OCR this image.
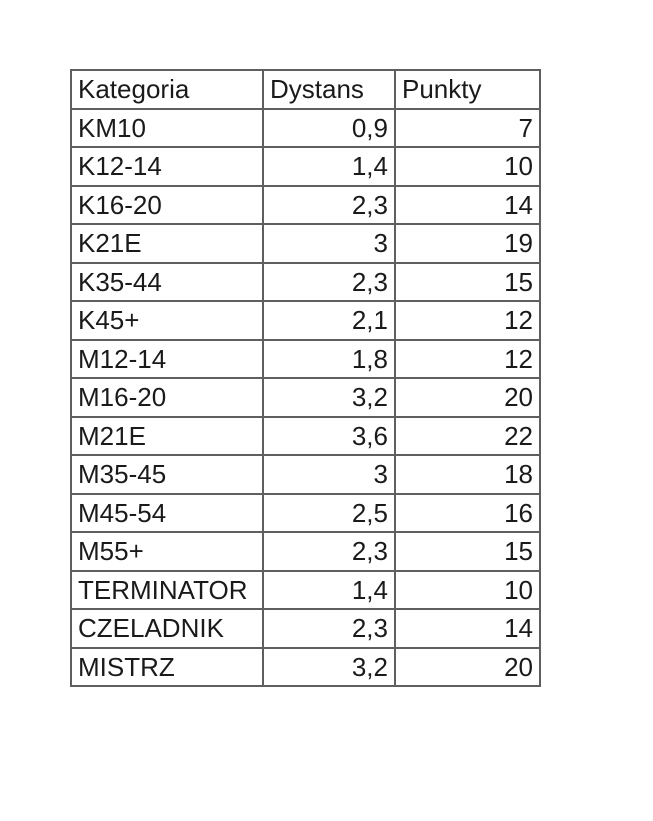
Kategoria	Dystans	Punkty
KM10	0,9	7
K12-14	1,4	10
K16-20	2,3	14
K21E	3	19
K35-44	2,3	15
K45+	2,1	12
M12-14	1,8	12
M16-20	3,2	20
M21E	3,6	22
M35-45	3	18
M45-54	2,5	16
M55+	2,3	15
TERMINATOR	1,4	10
CZELADNIK	2,3	14
MISTRZ	3,2	20
